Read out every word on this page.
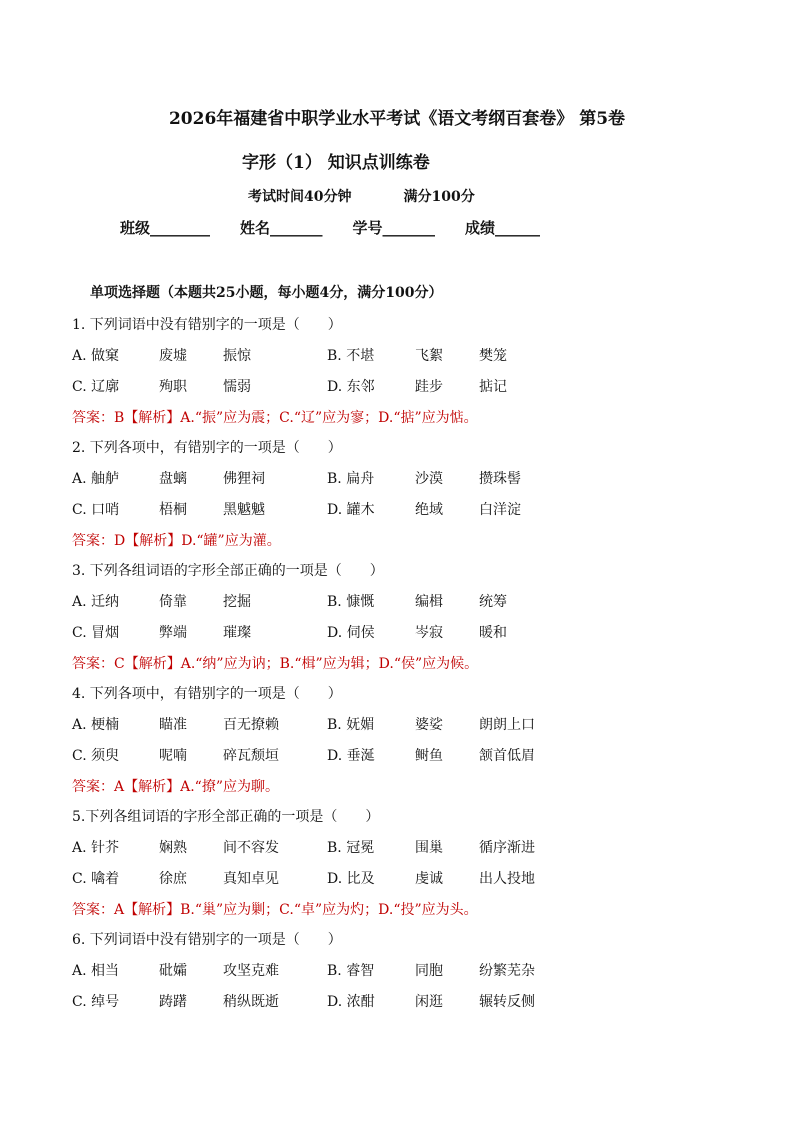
2026年福建省中职学业水平考试《语文考纲百套卷》 第5卷
字形（1） 知识点训练卷
考试时间40分钟	满分100分
班级________ 姓名_______ 学号_______ 成绩______
单项选择题（本题共25小题，每小题4分，满分100分）
1. 下列词语中没有错别字的一项是（　　）
A. 做窠	废墟	振惊	B. 不堪	飞絮	樊笼
C. 辽廓	殉职	懦弱	D. 东邻	跬步	掂记
答案：B【解析】A.“振”应为震；C.“辽”应为寥；D.“掂”应为惦。
2. 下列各项中，有错别字的一项是（　　）
A. 舳舻	盘螭	佛狸祠	B. 扁舟	沙漠	攒珠髻
C. 口哨	梧桐	黑魆魆	D. 罐木	绝域	白洋淀
答案：D【解析】D.“罐”应为灌。
3. 下列各组词语的字形全部正确的一项是（　　）
A. 迁纳	倚靠	挖掘	B. 慷慨	编楫	统筹
C. 冒烟	弊端	璀璨	D. 伺侯	岑寂	暖和
答案：C【解析】A.“纳”应为讷；B.“楫”应为辑；D.“侯”应为候。
4. 下列各项中，有错别字的一项是（　　）
A. 梗楠	瞄准	百无撩赖	B. 妩媚	婆娑	朗朗上口
C. 须臾	呢喃	碎瓦颓垣	D. 垂涎	鲥鱼	颔首低眉
答案：A【解析】A.“撩”应为聊。
5.下列各组词语的字形全部正确的一项是（　　）
A. 针芥	娴熟	间不容发	B. 冠冕	围巢	循序渐进
C. 噙着	徐庶	真知卓见	D. 比及	虔诚	出人投地
答案：A【解析】B.“巢”应为剿；C.“卓”应为灼；D.“投”应为头。
6. 下列词语中没有错别字的一项是（　　）
A. 相当	砒孀	攻坚克难	B. 睿智	同胞	纷繁芜杂
C. 绰号	踌躇	稍纵既逝	D. 浓酣	闲逛	辗转反侧
